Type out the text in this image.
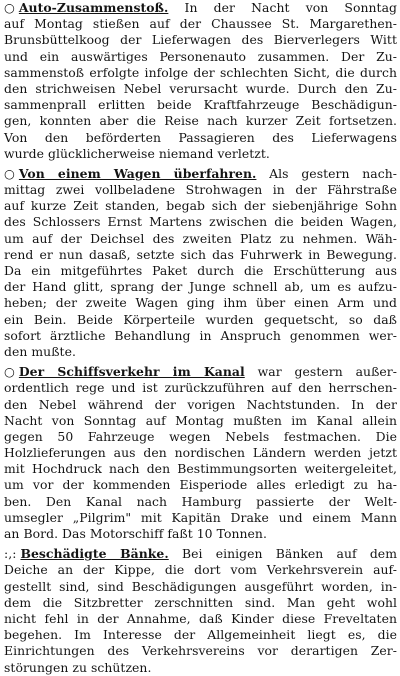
○ Auto-Zusammenstoß. In der Nacht von Sonntag
auf Montag stießen auf der Chaussee St. Margarethen-
Brunsbüttelkoog der Lieferwagen des Bierverlegers Witt
und ein auswärtiges Personenauto zusammen. Der Zu-
sammenstoß erfolgte infolge der schlechten Sicht, die durch
den strichweisen Nebel verursacht wurde. Durch den Zu-
sammenprall erlitten beide Kraftfahrzeuge Beschädigun-
gen, konnten aber die Reise nach kurzer Zeit fortsetzen.
Von den beförderten Passagieren des Lieferwagens
wurde glücklicherweise niemand verletzt.
○ Von einem Wagen überfahren. Als gestern nach-
mittag zwei vollbeladene Strohwagen in der Fährstraße
auf kurze Zeit standen, begab sich der siebenjährige Sohn
des Schlossers Ernst Martens zwischen die beiden Wagen,
um auf der Deichsel des zweiten Platz zu nehmen. Wäh-
rend er nun dasaß, setzte sich das Fuhrwerk in Bewegung.
Da ein mitgeführtes Paket durch die Erschütterung aus
der Hand glitt, sprang der Junge schnell ab, um es aufzu-
heben; der zweite Wagen ging ihm über einen Arm und
ein Bein. Beide Körperteile wurden gequetscht, so daß
sofort ärztliche Behandlung in Anspruch genommen wer-
den mußte.
○ Der Schiffsverkehr im Kanal war gestern außer-
ordentlich rege und ist zurückzuführen auf den herrschen-
den Nebel während der vorigen Nachtstunden. In der
Nacht von Sonntag auf Montag mußten im Kanal allein
gegen 50 Fahrzeuge wegen Nebels festmachen. Die
Holzlieferungen aus den nordischen Ländern werden jetzt
mit Hochdruck nach den Bestimmungsorten weitergeleitet,
um vor der kommenden Eisperiode alles erledigt zu ha-
ben. Den Kanal nach Hamburg passierte der Welt-
umsegler „Pilgrim" mit Kapitän Drake und einem Mann
an Bord. Das Motorschiff faßt 10 Tonnen.
:,: Beschädigte Bänke. Bei einigen Bänken auf dem
Deiche an der Kippe, die dort vom Verkehrsverein auf-
gestellt sind, sind Beschädigungen ausgeführt worden, in-
dem die Sitzbretter zerschnitten sind. Man geht wohl
nicht fehl in der Annahme, daß Kinder diese Freveltaten
begehen. Im Interesse der Allgemeinheit liegt es, die
Einrichtungen des Verkehrsvereins vor derartigen Zer-
störungen zu schützen.
